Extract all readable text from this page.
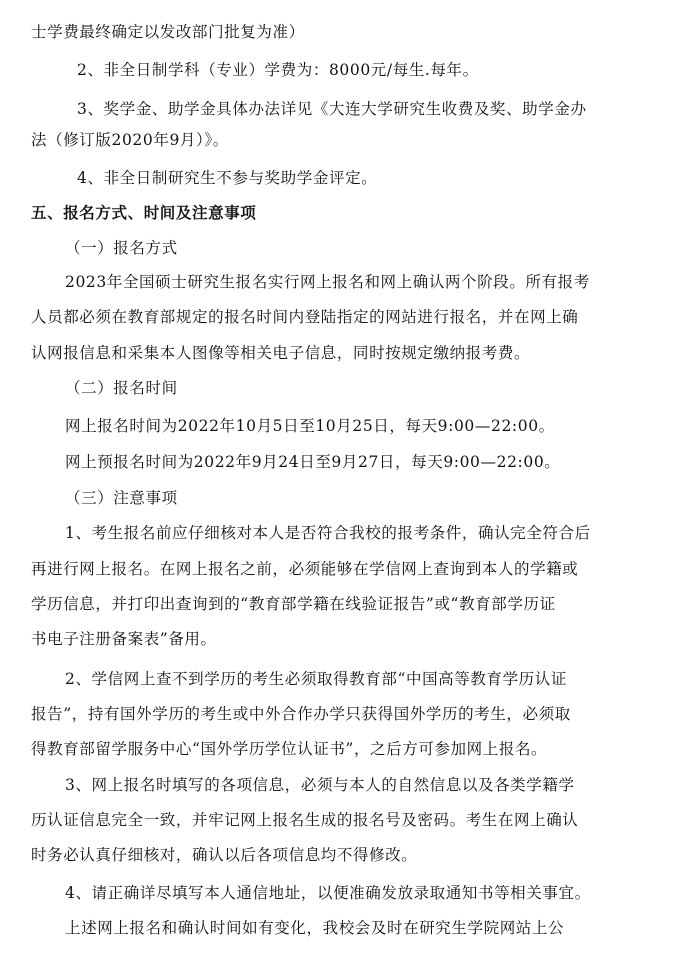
士学费最终确定以发改部门批复为准）
2、非全日制学科（专业）学费为：8000元/每生.每年。
3、奖学金、助学金具体办法详见《大连大学研究生收费及奖、助学金办
法（修订版2020年9月）》。
4、非全日制研究生不参与奖助学金评定。
五、报名方式、时间及注意事项
（一）报名方式
2023年全国硕士研究生报名实行网上报名和网上确认两个阶段。所有报考
人员都必须在教育部规定的报名时间内登陆指定的网站进行报名，并在网上确
认网报信息和采集本人图像等相关电子信息，同时按规定缴纳报考费。
（二）报名时间
网上报名时间为2022年10月5日至10月25日，每天9:00—22:00。
网上预报名时间为2022年9月24日至9月27日，每天9:00—22:00。
（三）注意事项
1、考生报名前应仔细核对本人是否符合我校的报考条件，确认完全符合后
再进行网上报名。在网上报名之前，必须能够在学信网上查询到本人的学籍或
学历信息，并打印出查询到的“教育部学籍在线验证报告”或“教育部学历证
书电子注册备案表”备用。
2、学信网上查不到学历的考生必须取得教育部“中国高等教育学历认证
报告”，持有国外学历的考生或中外合作办学只获得国外学历的考生，必须取
得教育部留学服务中心“国外学历学位认证书”，之后方可参加网上报名。
3、网上报名时填写的各项信息，必须与本人的自然信息以及各类学籍学
历认证信息完全一致，并牢记网上报名生成的报名号及密码。考生在网上确认
时务必认真仔细核对，确认以后各项信息均不得修改。
4、请正确详尽填写本人通信地址，以便准确发放录取通知书等相关事宜。
上述网上报名和确认时间如有变化，我校会及时在研究生学院网站上公
